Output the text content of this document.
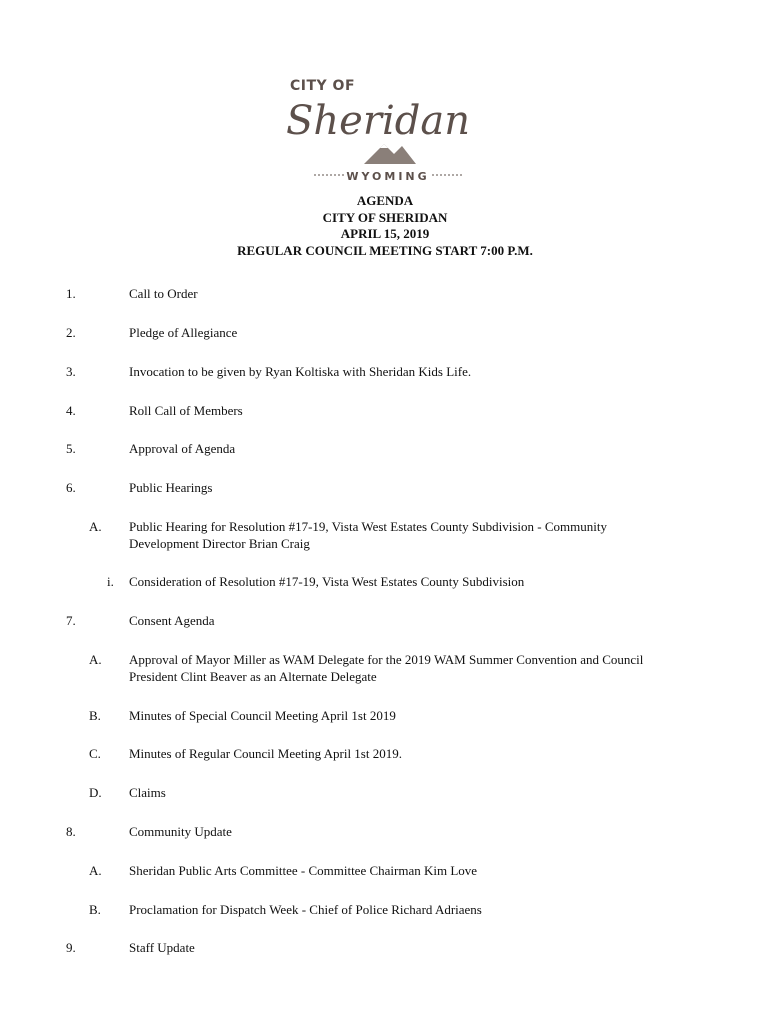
CITY OF
Sheridan
WYOMING
AGENDA
CITY OF SHERIDAN
APRIL 15, 2019
REGULAR COUNCIL MEETING START 7:00 P.M.
1.	Call to Order
2.	Pledge of Allegiance
3.	Invocation to be given by Ryan Koltiska with Sheridan Kids Life.
4.	Roll Call of Members
5.	Approval of Agenda
6.	Public Hearings
A. Public Hearing for Resolution #17-19, Vista West Estates County Subdivision - Community Development Director Brian Craig
i. Consideration of Resolution #17-19, Vista West Estates County Subdivision
7.	Consent Agenda
A. Approval of Mayor Miller as WAM Delegate for the 2019 WAM Summer Convention and Council President Clint Beaver as an Alternate Delegate
B. Minutes of Special Council Meeting April 1st 2019
C. Minutes of Regular Council Meeting April 1st 2019.
D. Claims
8.	Community Update
A. Sheridan Public Arts Committee - Committee Chairman Kim Love
B. Proclamation for Dispatch Week - Chief of Police Richard Adriaens
9.	Staff Update
